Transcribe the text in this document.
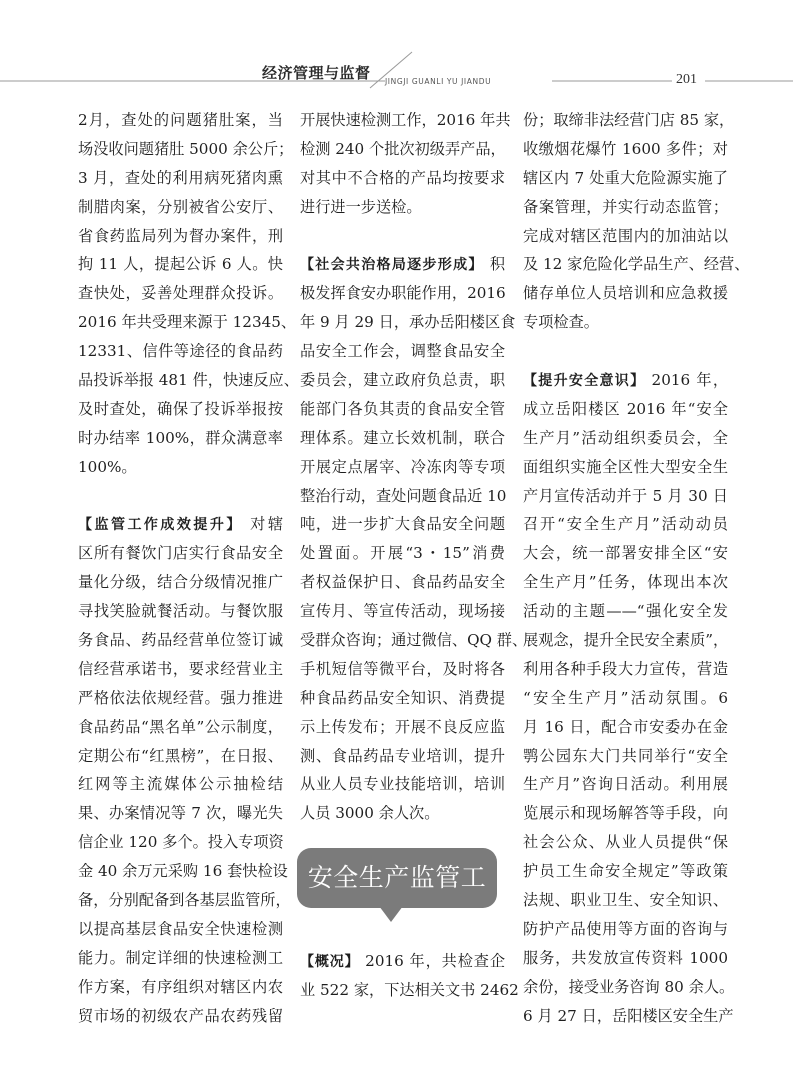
经济管理与监督 JINGJI GUANLI YU JIANDU	201
2月，查处的问题猪肚案，当
场没收问题猪肚 5000 余公斤；
3 月，查处的利用病死猪肉熏
制腊肉案，分别被省公安厅、
省食药监局列为督办案件，刑
拘 11 人，提起公诉 6 人。快
查快处，妥善处理群众投诉。
2016 年共受理来源于 12345、
12331、信件等途径的食品药
品投诉举报 481 件，快速反应、
及时查处，确保了投诉举报按
时办结率 100%，群众满意率
100%。
【监管工作成效提升】 对辖
区所有餐饮门店实行食品安全
量化分级，结合分级情况推广
寻找笑脸就餐活动。与餐饮服
务食品、药品经营单位签订诚
信经营承诺书，要求经营业主
严格依法依规经营。强力推进
食品药品“黑名单”公示制度，
定期公布“红黑榜”，在日报、
红网等主流媒体公示抽检结
果、办案情况等 7 次，曝光失
信企业 120 多个。投入专项资
金 40 余万元采购 16 套快检设
备，分别配备到各基层监管所，
以提高基层食品安全快速检测
能力。制定详细的快速检测工
作方案，有序组织对辖区内农
贸市场的初级农产品农药残留
开展快速检测工作，2016 年共
检测 240 个批次初级弄产品，
对其中不合格的产品均按要求
进行进一步送检。
【社会共治格局逐步形成】 积
极发挥食安办职能作用，2016
年 9 月 29 日，承办岳阳楼区食
品安全工作会，调整食品安全
委员会，建立政府负总责，职
能部门各负其责的食品安全管
理体系。建立长效机制，联合
开展定点屠宰、冷冻肉等专项
整治行动，查处问题食品近 10
吨，进一步扩大食品安全问题
处置面。开展“3・15”消费
者权益保护日、食品药品安全
宣传月、等宣传活动，现场接
受群众咨询；通过微信、QQ 群、
手机短信等微平台，及时将各
种食品药品安全知识、消费提
示上传发布；开展不良反应监
测、食品药品专业培训，提升
从业人员专业技能培训，培训
人员 3000 余人次。
安全生产监管工作
【概况】 2016 年，共检查企
业 522 家，下达相关文书 2462
份；取缔非法经营门店 85 家，
收缴烟花爆竹 1600 多件；对
辖区内 7 处重大危险源实施了
备案管理，并实行动态监管；
完成对辖区范围内的加油站以
及 12 家危险化学品生产、经营、
储存单位人员培训和应急救援
专项检查。
【提升安全意识】 2016 年，
成立岳阳楼区 2016 年“安全
生产月”活动组织委员会，全
面组织实施全区性大型安全生
产月宣传活动并于 5 月 30 日
召开“安全生产月”活动动员
大会，统一部署安排全区“安
全生产月”任务，体现出本次
活动的主题——“强化安全发
展观念，提升全民安全素质”，
利用各种手段大力宣传，营造
“安全生产月”活动氛围。6
月 16 日，配合市安委办在金
鹗公园东大门共同举行“安全
生产月”咨询日活动。利用展
览展示和现场解答等手段，向
社会公众、从业人员提供“保
护员工生命安全规定”等政策
法规、职业卫生、安全知识、
防护产品使用等方面的咨询与
服务，共发放宣传资料 1000
余份，接受业务咨询 80 余人。
6 月 27 日，岳阳楼区安全生产
